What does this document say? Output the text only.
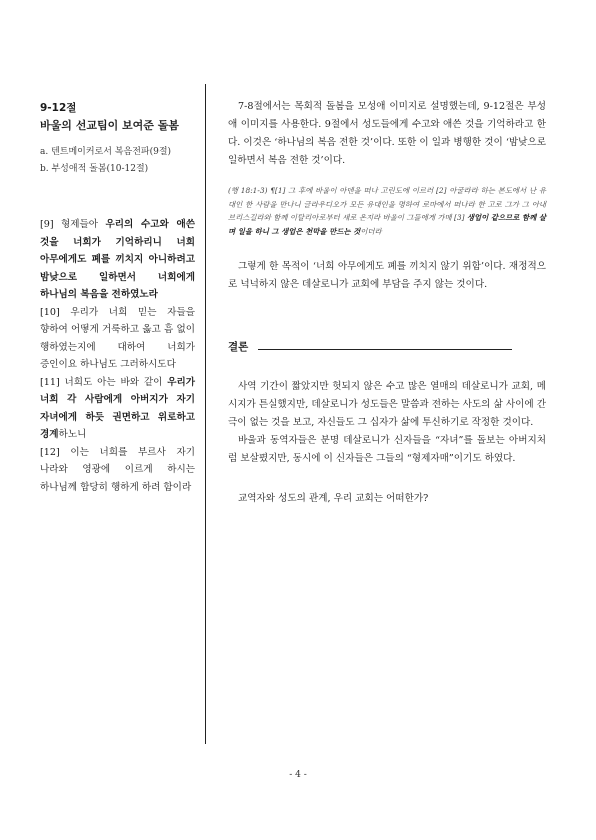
9-12절
바울의 선교팀이 보여준 돌봄
a. 텐트메이커로서 복음전파(9절)
b. 부성애적 돌봄(10-12절)

[9] 형제들아 우리의 수고와 애쓴 것을 너희가 기억하리니 너희 아무에게도 폐를 끼치지 아니하려고 밤낮으로 일하면서 너희에게 하나님의 복음을 전하였노라

[10] 우리가 너희 믿는 자들을 향하여 어떻게 거룩하고 옳고 흠 없이 행하였는지에 대하여 너희가 증인이요 하나님도 그러하시도다

[11] 너희도 아는 바와 같이 우리가 너희 각 사람에게 아버지가 자기 자녀에게 하듯 권면하고 위로하고 경계하노니

[12] 이는 너희를 부르사 자기 나라와 영광에 이르게 하시는 하나님께 합당히 행하게 하려 함이라

7-8절에서는 목회적 돌봄을 모성애 이미지로 설명했는데, 9-12절은 부성애 이미지를 사용한다. 9절에서 성도들에게 수고와 애쓴 것을 기억하라고 한다. 이것은 ‘하나님의 복음 전한 것’이다. 또한 이 일과 병행한 것이 ‘밤낮으로 일하면서 복음 전한 것’이다.

(행 18:1-3) ¶[1] 그 후에 바울이 아덴을 떠나 고린도에 이르러 [2] 아굴라라 하는 본도에서 난 유대인 한 사람을 만나니 글라우디오가 모든 유대인을 명하여 로마에서 떠나라 한 고로 그가 그 아내 브리스길라와 함께 이탈리아로부터 새로 온지라 바울이 그들에게 가매 [3] 생업이 같으므로 함께 살며 일을 하니 그 생업은 천막을 만드는 것이더라

그렇게 한 목적이 ‘너희 아무에게도 폐를 끼치지 않기 위함’이다. 재정적으로 넉넉하지 않은 데살로니가 교회에 부담을 주지 않는 것이다.

결론

사역 기간이 짧았지만 헛되지 않은 수고 많은 열매의 데살로니가 교회, 메시지가 튼실했지만, 데살로니가 성도들은 말씀과 전하는 사도의 삶 사이에 간극이 없는 것을 보고, 자신들도 그 십자가 삶에 투신하기로 작정한 것이다.

바울과 동역자들은 분명 데살로니가 신자들을 “자녀”를 돌보는 아버지처럼 보살폈지만, 동시에 이 신자들은 그들의 “형제자매”이기도 하였다.

교역자와 성도의 관계, 우리 교회는 어떠한가?

- 4 -
